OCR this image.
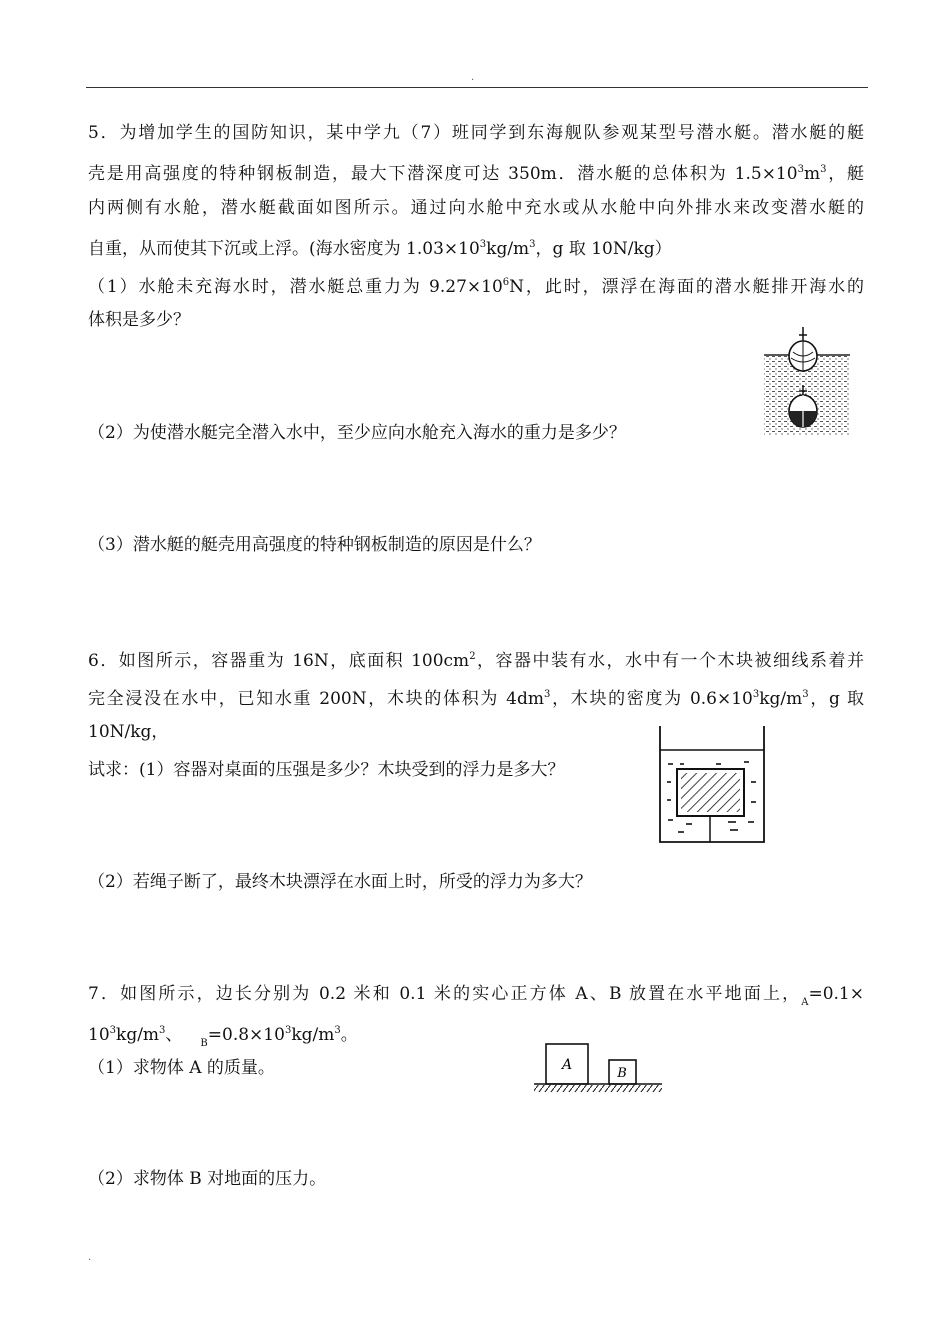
.
5．为增加学生的国防知识，某中学九（7）班同学到东海舰队参观某型号潜水艇。潜水艇的艇
壳是用高强度的特种钢板制造，最大下潜深度可达 350m．潜水艇的总体积为 $1.5\times 10^3m^3$，艇
内两侧有水舱，潜水艇截面如图所示。通过向水舱中充水或从水舱中向外排水来改变潜水艇的
自重，从而使其下沉或上浮。(海水密度为 $1.03\times 10^3kg/m^3$，g 取 10N/kg）
（1）水舱未充海水时，潜水艇总重力为 $9.27\times 10^6N$，此时，漂浮在海面的潜水艇排开海水的
体积是多少？
（2）为使潜水艇完全潜入水中，至少应向水舱充入海水的重力是多少？
（3）潜水艇的艇壳用高强度的特种钢板制造的原因是什么？
6．如图所示，容器重为 16N，底面积 $100cm^2$，容器中装有水，水中有一个木块被细线系着并
完全浸没在水中，已知水重 200N，木块的体积为 $4dm^3$，木块的密度为 $0.6\times 10^3kg/m^3$，g 取
10N/kg，
试求：(1）容器对桌面的压强是多少？木块受到的浮力是多大？
（2）若绳子断了，最终木块漂浮在水面上时，所受的浮力为多大？
7．如图所示，边长分别为 0.2 米和 0.1 米的实心正方体 A、B 放置在水平地面上，$_A$=0.1×
$10^3kg/m^3$、 $_B=0.8\times 10^3kg/m^3$。
（1）求物体 A 的质量。
（2）求物体 B 对地面的压力。
A
B
.
